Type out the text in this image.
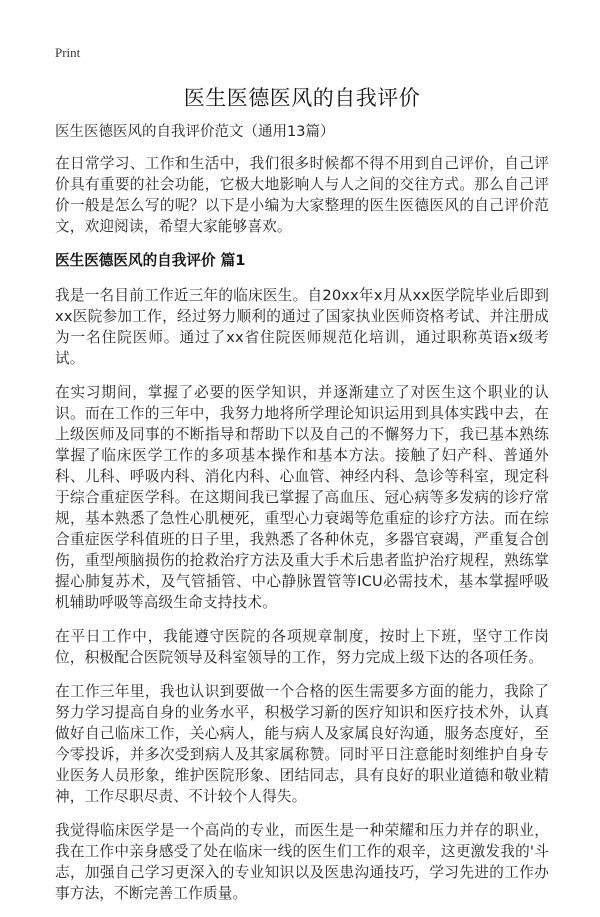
Print
医生医德医风的自我评价
医生医德医风的自我评价范文（通用13篇）

在日常学习、工作和生活中，我们很多时候都不得不用到自己评价，自己评价具有重要的社会功能，它极大地影响人与人之间的交往方式。那么自己评价一般是怎么写的呢？以下是小编为大家整理的医生医德医风的自己评价范文，欢迎阅读，希望大家能够喜欢。

医生医德医风的自我评价 篇1

我是一名目前工作近三年的临床医生。自20xx年x月从xx医学院毕业后即到xx医院参加工作，经过努力顺利的通过了国家执业医师资格考试、并注册成为一名住院医师。通过了xx省住院医师规范化培训，通过职称英语x级考试。

在实习期间，掌握了必要的医学知识，并逐渐建立了对医生这个职业的认识。而在工作的三年中，我努力地将所学理论知识运用到具体实践中去，在上级医师及同事的不断指导和帮助下以及自己的不懈努力下，我已基本熟练掌握了临床医学工作的多项基本操作和基本方法。接触了妇产科、普通外科、儿科、呼吸内科、消化内科、心血管、神经内科、急诊等科室，现定科于综合重症医学科。在这期间我已掌握了高血压、冠心病等多发病的诊疗常规，基本熟悉了急性心肌梗死，重型心力衰竭等危重症的诊疗方法。而在综合重症医学科值班的日子里，我熟悉了各种休克，多器官衰竭，严重复合创伤，重型颅脑损伤的抢救治疗方法及重大手术后患者监护治疗规程，熟练掌握心肺复苏术，及气管插管、中心静脉置管等ICU必需技术，基本掌握呼吸机辅助呼吸等高级生命支持技术。

在平日工作中，我能遵守医院的各项规章制度，按时上下班，坚守工作岗位，积极配合医院领导及科室领导的工作，努力完成上级下达的各项任务。

在工作三年里，我也认识到要做一个合格的医生需要多方面的能力，我除了努力学习提高自身的业务水平，积极学习新的医疗知识和医疗技术外，认真做好自己临床工作，关心病人，能与病人及家属良好沟通，服务态度好，至今零投诉，并多次受到病人及其家属称赞。同时平日注意能时刻维护自身专业医务人员形象，维护医院形象、团结同志，具有良好的职业道德和敬业精神，工作尽职尽责、不计较个人得失。

我觉得临床医学是一个高尚的专业，而医生是一种荣耀和压力并存的职业，我在工作中亲身感受了处在临床一线的医生们工作的艰辛，这更激发我的'斗志，加强自己学习更深入的专业知识以及医患沟通技巧，学习先进的工作办事方法，不断完善工作质量。
